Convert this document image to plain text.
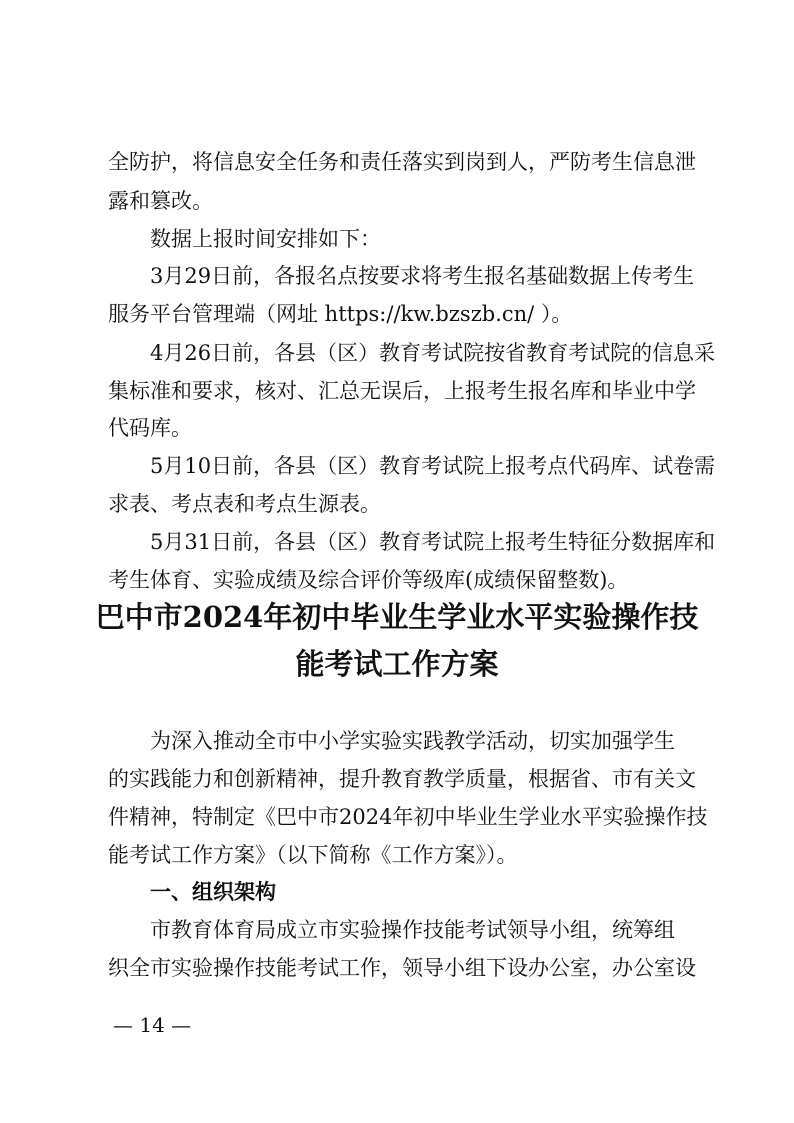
全防护，将信息安全任务和责任落实到岗到人，严防考生信息泄
露和篡改。
数据上报时间安排如下：
3月29日前，各报名点按要求将考生报名基础数据上传考生
服务平台管理端（网址 https://kw.bzszb.cn/ ）。
4月26日前，各县（区）教育考试院按省教育考试院的信息采
集标准和要求，核对、汇总无误后，上报考生报名库和毕业中学
代码库。
5月10日前，各县（区）教育考试院上报考点代码库、试卷需
求表、考点表和考点生源表。
5月31日前，各县（区）教育考试院上报考生特征分数据库和
考生体育、实验成绩及综合评价等级库(成绩保留整数)。
巴中市2024年初中毕业生学业水平实验操作技
能考试工作方案
为深入推动全市中小学实验实践教学活动，切实加强学生
的实践能力和创新精神，提升教育教学质量，根据省、市有关文
件精神，特制定《巴中市2024年初中毕业生学业水平实验操作技
能考试工作方案》（以下简称《工作方案》）。
一、组织架构
市教育体育局成立市实验操作技能考试领导小组，统筹组
织全市实验操作技能考试工作，领导小组下设办公室，办公室设
— 14 —
